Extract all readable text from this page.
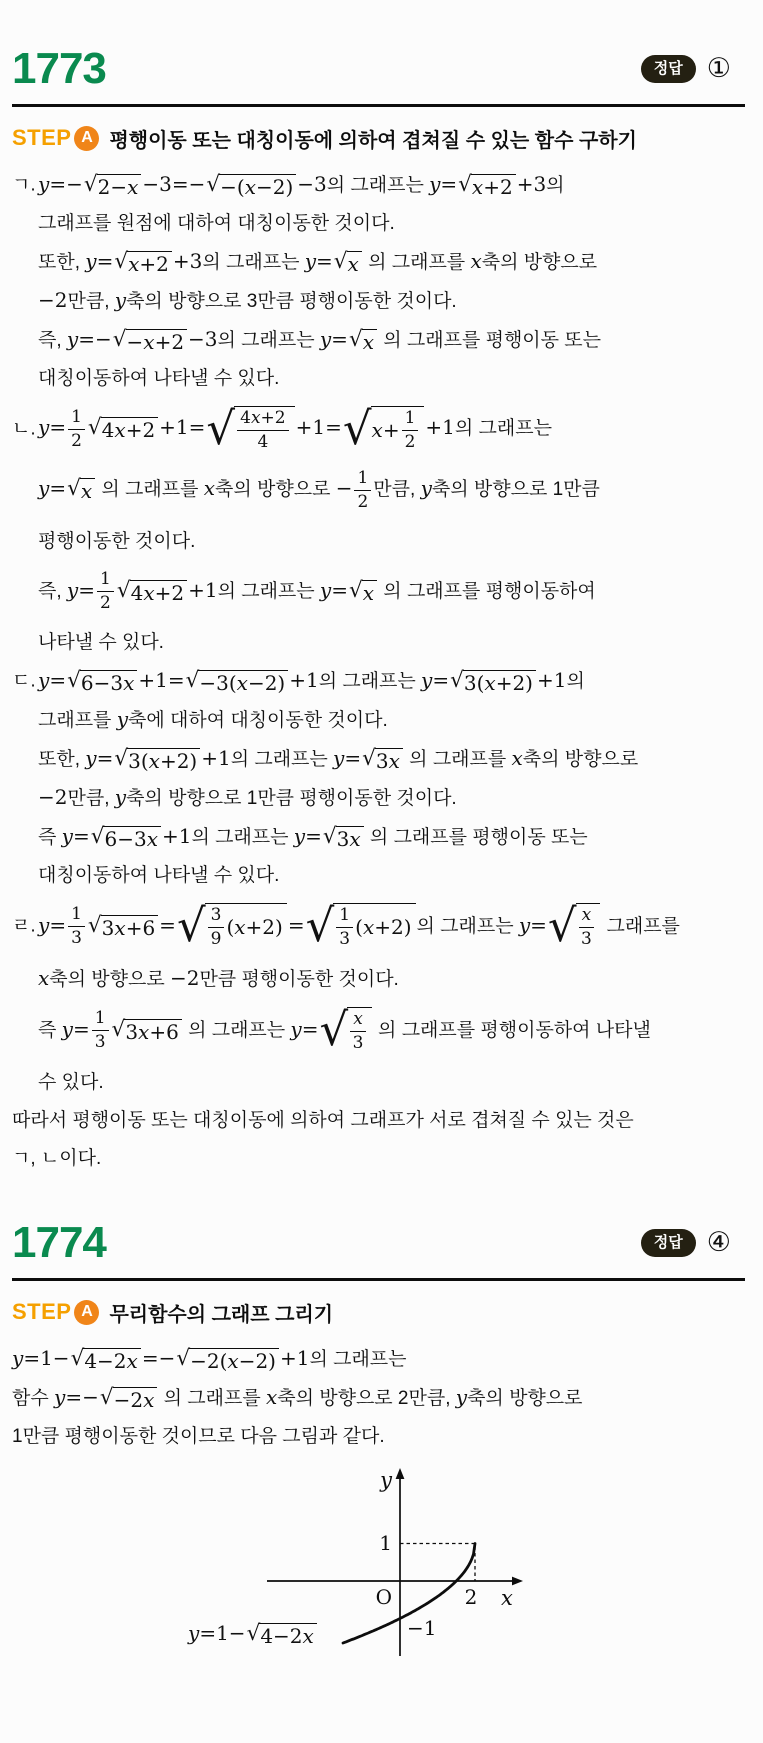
1773	정답 ①
STEP A 평행이동 또는 대칭이동에 의하여 겹쳐질 수 있는 함수 구하기
ㄱ. y=− √ 2−x −3=− √ −(x−2) −3의 그래프는 y= √ x+2 +3의
그래프를 원점에 대하여 대칭이동한 것이다.
또한, y= √ x+2 +3의 그래프는 y= √ x 의 그래프를 x축의 방향으로
−2만큼, y축의 방향으로 3만큼 평행이동한 것이다.
즉, y=− √ −x+2 −3의 그래프는 y= √ x 의 그래프를 평행이동 또는
대칭이동하여 나타낼 수 있다.
ㄴ. $y= \frac{1}{2}$ √ 4x+2 +1= √ $\frac{4x+2}{4} +1=$ √ $x + \frac{1}{2} +1$의 그래프는
y= √ x 의 그래프를 x축의 방향으로 − $\frac{1}{2}$ 만큼, y축의 방향으로 1만큼
평행이동한 것이다.
즉, $y= \frac{1}{2}$ √ 4x+2 +1의 그래프는 y= √ x 의 그래프를 평행이동하여
나타낼 수 있다.
ㄷ. y= √ 6−3x +1= √ −3(x−2) +1의 그래프는 y= √ 3(x+2) +1의
그래프를 y축에 대하여 대칭이동한 것이다.
또한, y= √ 3(x+2) +1의 그래프는 y= √ 3x 의 그래프를 x축의 방향으로
−2만큼, y축의 방향으로 1만큼 평행이동한 것이다.
즉 y= √ 6−3x +1의 그래프는 y= √ 3x 의 그래프를 평행이동 또는
대칭이동하여 나타낼 수 있다.
ㄹ. $y= \frac{1}{3}$ √ 3x+6 = √ $\frac{3}{9}$ ( x +2) = √ $\frac{1}{3}$ ( x +2) 의 그래프는 y= √ $\frac{x}{3}$ 그래프를
x축의 방향으로 −2만큼 평행이동한 것이다.
즉 $y= \frac{1}{3}$ √ 3x+6 의 그래프는 y= √ $\frac{x}{3}$ 의 그래프를 평행이동하여 나타낼
수 있다.
따라서 평행이동 또는 대칭이동에 의하여 그래프가 서로 겹쳐질 수 있는 것은
ㄱ, ㄴ이다.
1774	정답 ④
STEP A 무리함수의 그래프 그리기
y=1− √ 4−2x =− √ −2(x−2) +1의 그래프는
함수 y=− √ −2x 의 그래프를 x축의 방향으로 2만큼, y축의 방향으로
1만큼 평행이동한 것이므로 다음 그림과 같다.
1
O	2
−1
x
y
y=1− √ 4−2x
